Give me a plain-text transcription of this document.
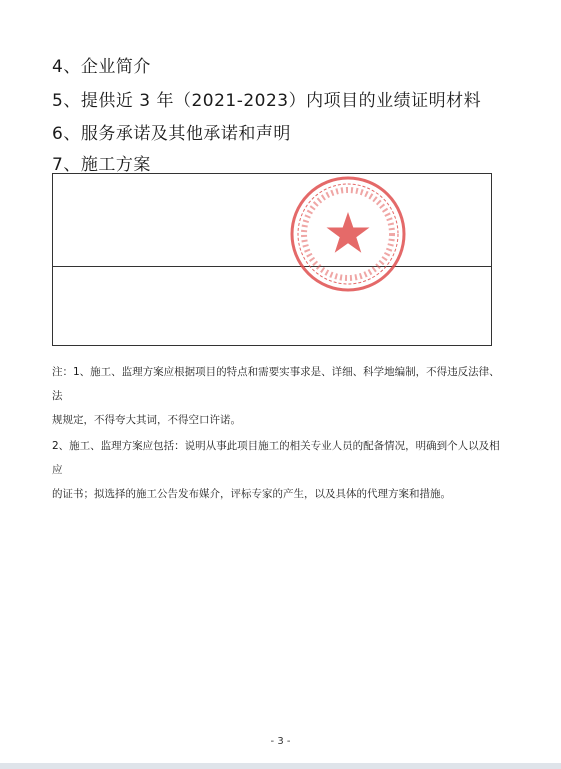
4、企业简介
5、提供近 3 年（2021-2023）内项目的业绩证明材料
6、服务承诺及其他承诺和声明
7、施工方案

注：1、施工、监理方案应根据项目的特点和需要实事求是、详细、科学地编制，不得违反法律、法

规规定，不得夸大其词，不得空口许诺。

2、施工、监理方案应包括：说明从事此项目施工的相关专业人员的配备情况，明确到个人以及相应

的证书；拟选择的施工公告发布媒介，评标专家的产生，以及具体的代理方案和措施。

- 3 -
